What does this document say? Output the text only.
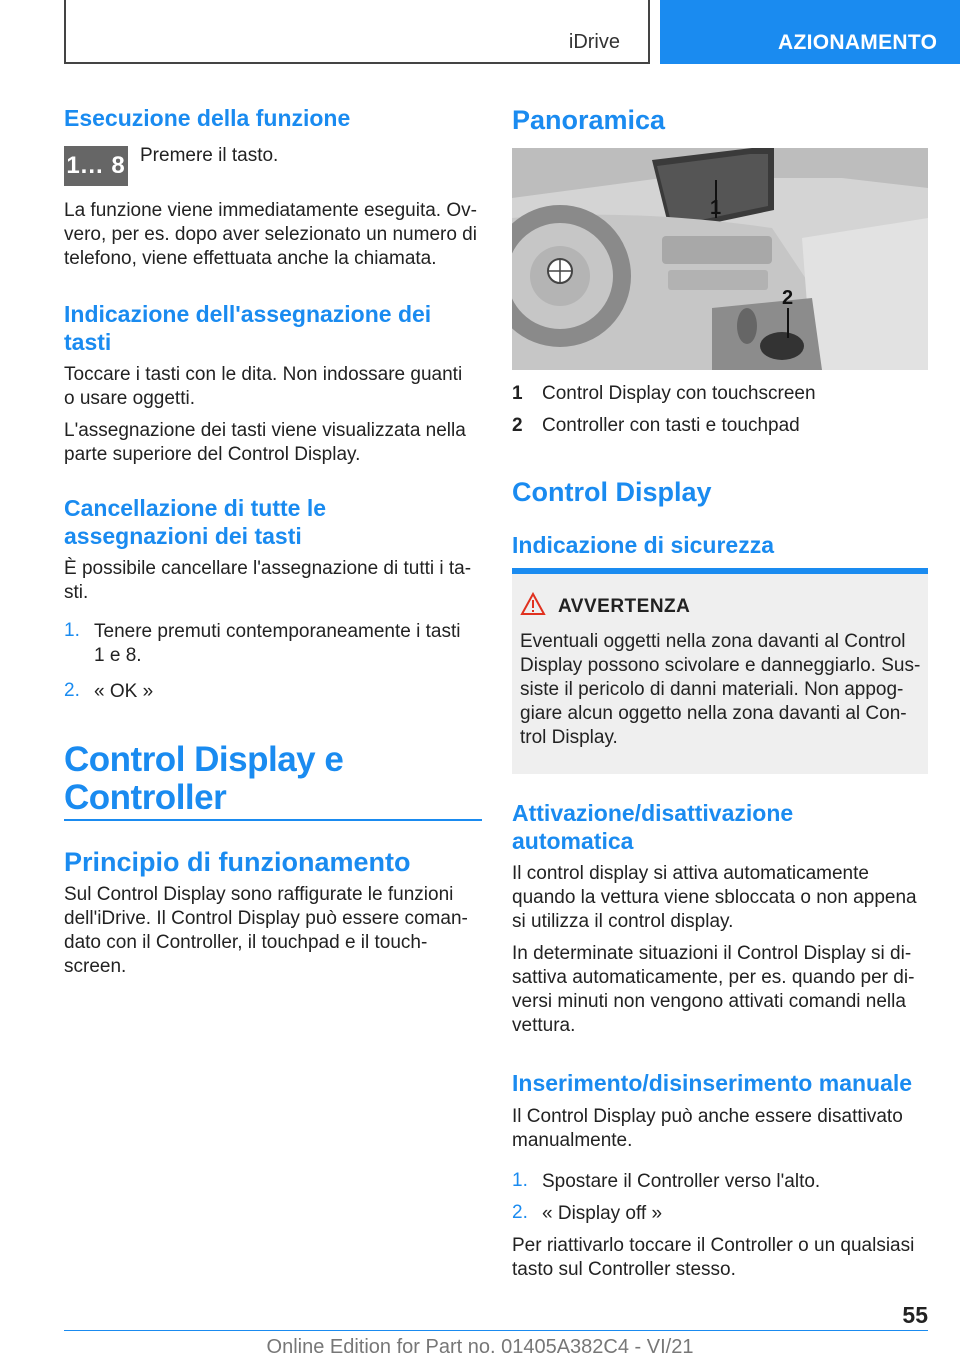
iDrive	AZIONAMENTO
Esecuzione della funzione
1... 8 Premere il tasto.

La funzione viene immediatamente eseguita. Ov-
vero, per es. dopo aver selezionato un numero di
telefono, viene effettuata anche la chiamata.

Indicazione dell'assegnazione dei
tasti

Toccare i tasti con le dita. Non indossare guanti
o usare oggetti.

L'assegnazione dei tasti viene visualizzata nella
parte superiore del Control Display.

Cancellazione di tutte le
assegnazioni dei tasti

È possibile cancellare l'assegnazione di tutti i ta-
sti.

1. Tenere premuti contemporaneamente i tasti
1 e 8.
2. « OK »
Control Display e
Controller
Principio di funzionamento

Sul Control Display sono raffigurate le funzioni
dell'iDrive. Il Control Display può essere coman-
dato con il Controller, il touchpad e il touch-
screen.

Panoramica
1
2
1 Control Display con touchscreen
2 Controller con tasti e touchpad
Control Display
Indicazione di sicurezza
AVVERTENZA

Eventuali oggetti nella zona davanti al Control
Display possono scivolare e danneggiarlo. Sus-
siste il pericolo di danni materiali. Non appog-
giare alcun oggetto nella zona davanti al Con-
trol Display.

Attivazione/disattivazione
automatica

Il control display si attiva automaticamente
quando la vettura viene sbloccata o non appena
si utilizza il control display.

In determinate situazioni il Control Display si di-
sattiva automaticamente, per es. quando per di-
versi minuti non vengono attivati comandi nella
vettura.

Inserimento/disinserimento manuale

Il Control Display può anche essere disattivato
manualmente.

1. Spostare il Controller verso l'alto.
2. « Display off »

Per riattivarlo toccare il Controller o un qualsiasi
tasto sul Controller stesso.

55
Online Edition for Part no. 01405A382C4 - VI/21
